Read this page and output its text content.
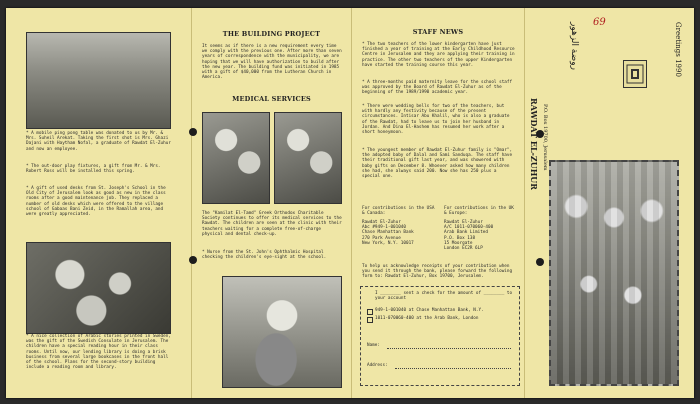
* A mobile ping pong table was donated to us by Mr. & Mrs. Suheil Arekat. Taking the first shot is Mrs. Ghazi Dajani with Haytham Nofal, a graduate of Rawdat El-Zuhur and now an employee.
* The out-door play fixtures, a gift from Mr. & Mrs. Robert Ross will be installed this spring.
* A gift of used desks from St. Joseph's School in the Old City of Jerusalem look as good as new in the class rooms after a good maintenance job. They replaced a number of old desks which were offered to the village school of Gabaas Bani Zeid, in the Ramallah area, and were greatly appreciated.
* A nice collection of Arabic stories printed in Sweden, was the gift of the Swedish Consulate in Jerusalem. The children have a special reading hour in their class rooms. Until now, our lending library is doing a brisk business from several large bookcases in the front hall of the school. Plans for the second-story building include a reading room and library.
THE BUILDING PROJECT
It seems as if there is a new requirement every time we comply with the previous one. After more than seven years of correspondence with the municipality, we are hoping that we will have authorization to build after the new year. The building fund was initiated in 1985 with a gift of $40,000 from the Lutheran Church in America.
MEDICAL SERVICES
The "Kamilat El-Tamd" Greek Orthodox Charitable Society continues to offer its medical services to the Rawdat. The children are seen at the clinic with their teachers waiting for a complete free-of-charge physical and dental check-up.
* Nurse from the St. John's Ophthalmic Hospital checking the children's eye-sight at the school.
STAFF NEWS
* The two teachers of the lower kindergarten have just finished a year of training at the Early Childhood Resource Centre in Jerusalem and they are applying their training in practice. The other two teachers of the upper Kindergarten have started the training course this year.
* A three-months paid maternity leave for the school staff was approved by the Board of Rawdat El-Zuhur as of the beginning of the 1989/1990 academic year.
* There were wedding bells for two of the teachers, but with hardly any festivity because of the present circumstances. Intisar Abu Khalil, who is also a graduate of the Rawdat, had to leave us to join her husband in Jordan. And Dina El-Hashem has resumed her work after a short honeymoon.
* The youngest member of Rawdat El-Zuhur family is "Omar", the adopted baby of Dalal and Sami Sanduqa. The staff have their traditional gift last year, and was showered with baby gifts on December 8. Whoever asked how many children she had, she always said 200. Now she has 250 plus a special one.
For contributions in the USA & Canada:
Rawdat El-Zuhur
Abc #949-1-001040
Chase Manhattan Bank
270 Park Avenue
New York, N.Y. 10017
For contributions in the UK & Europe:
Rawdat El-Zuhur
A/C 1011-070060-400
Arab Bank Limited
P.O. Box 138
15 Moorgate
London EC2R 6LP
To help us acknowledge receipts of your contribution when you send it through the bank, please forward the following form to: Rawdat El-Zuhur, Box 19700, Jerusalem.
I ________ sent a check for the amount of ________ to your account
949-1-001040 at Chase Manhattan Bank, N.Y.
1011-070060-400 at the Arab Bank, London
Name:
Address:
69
روضة الزهور
RAWDAT EL-ZUHUR P.O. Box 19700, Jerusalem
Greetings 1990
